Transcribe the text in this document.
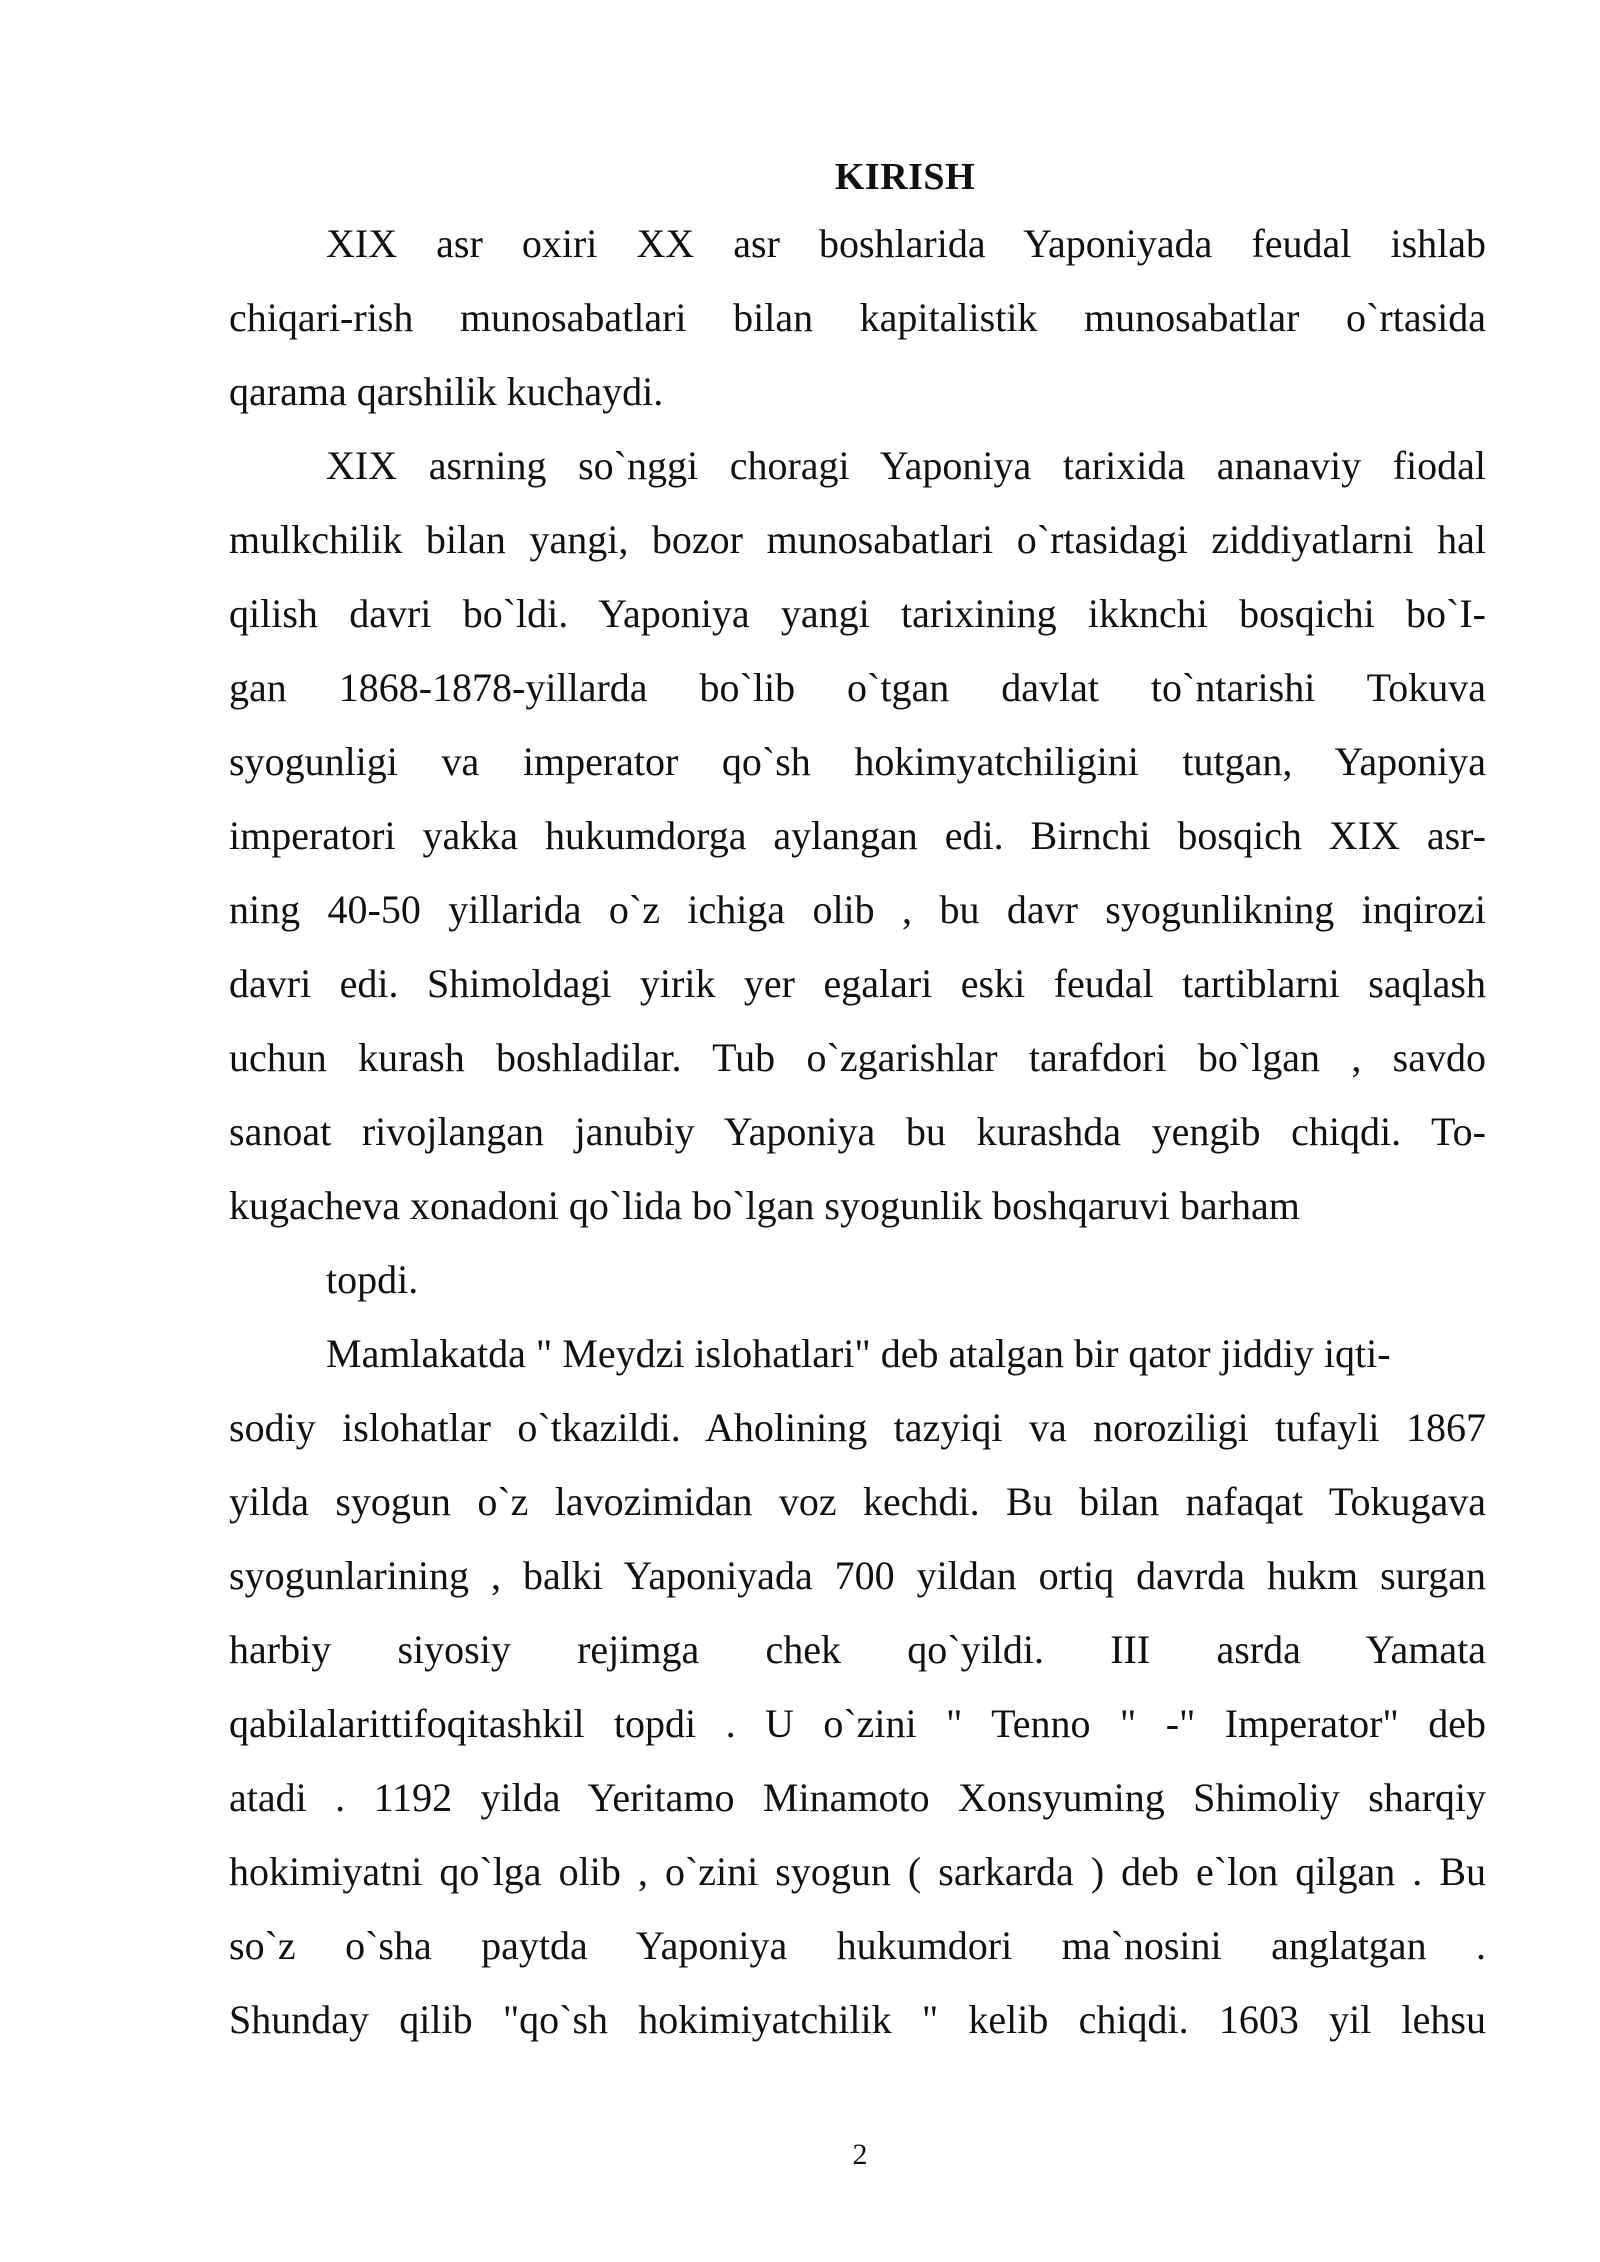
KIRISH
XIX asr oxiri XX asr boshlarida Yaponiyada feudal ishlab
chiqari-rish munosabatlari bilan kapitalistik munosabatlar o`rtasida
qarama qarshilik kuchaydi.
XIX asrning so`nggi choragi Yaponiya tarixida ananaviy fiodal
mulkchilik bilan yangi, bozor munosabatlari o`rtasidagi ziddiyatlarni hal
qilish davri bo`ldi. Yaponiya yangi tarixining ikknchi bosqichi bo`I-
gan 1868-1878-yillarda bo`lib o`tgan davlat to`ntarishi Tokuva
syogunligi va imperator qo`sh hokimyatchiligini tutgan, Yaponiya
imperatori yakka hukumdorga aylangan edi. Birnchi bosqich XIX asr-
ning 40-50 yillarida o`z ichiga olib , bu davr syogunlikning inqirozi
davri edi. Shimoldagi yirik yer egalari eski feudal tartiblarni saqlash
uchun kurash boshladilar. Tub o`zgarishlar tarafdori bo`lgan , savdo
sanoat rivojlangan janubiy Yaponiya bu kurashda yengib chiqdi. To-
kugacheva xonadoni qo`lida bo`lgan syogunlik boshqaruvi barham
topdi.
Mamlakatda " Meydzi islohatlari" deb atalgan bir qator jiddiy iqti-
sodiy islohatlar o`tkazildi. Aholining tazyiqi va noroziligi tufayli 1867
yilda syogun o`z lavozimidan voz kechdi. Bu bilan nafaqat Tokugava
syogunlarining , balki Yaponiyada 700 yildan ortiq davrda hukm surgan
harbiy siyosiy rejimga chek qo`yildi. III asrda Yamata
qabilalarittifoqitashkil topdi . U o`zini " Tenno " -" Imperator" deb
atadi . 1192 yilda Yeritamo Minamoto Xonsyuming Shimoliy sharqiy
hokimiyatni qo`lga olib , o`zini syogun ( sarkarda ) deb e`lon qilgan . Bu
so`z o`sha paytda Yaponiya hukumdori ma`nosini anglatgan .
Shunday qilib "qo`sh hokimiyatchilik " kelib chiqdi. 1603 yil lehsu
2
